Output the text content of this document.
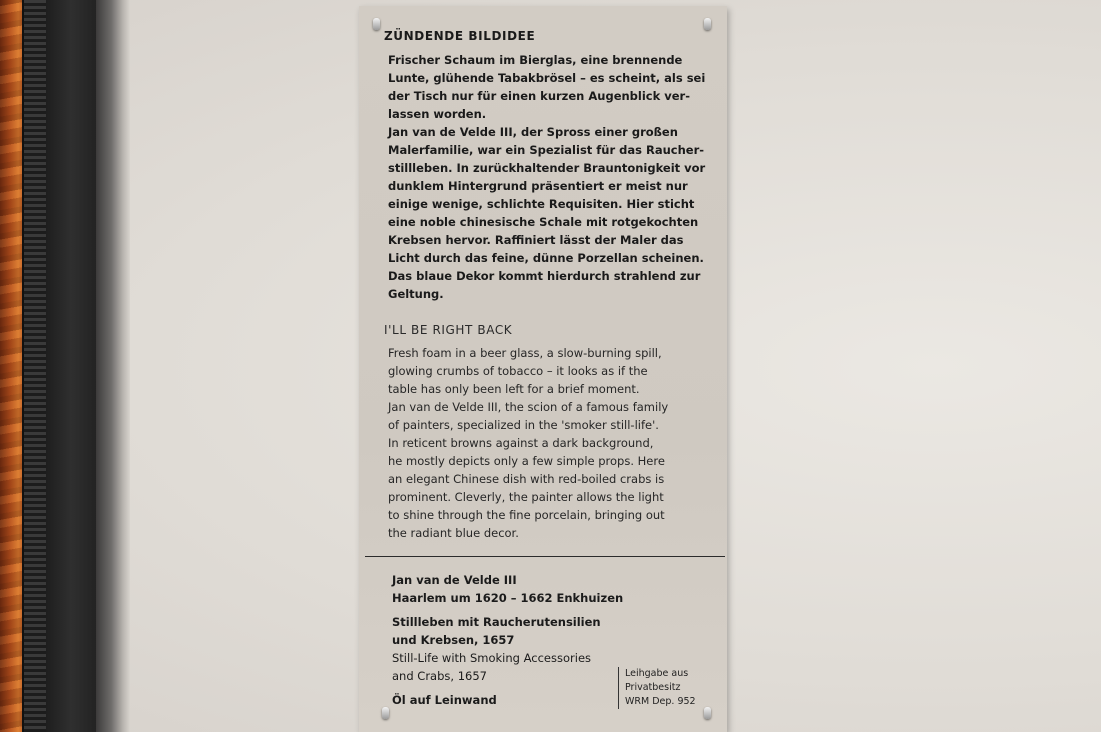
ZÜNDENDE BILDIDEE

Frischer Schaum im Bierglas, eine brennende
Lunte, glühende Tabakbrösel – es scheint, als sei
der Tisch nur für einen kurzen Augenblick ver-
lassen worden.
Jan van de Velde III, der Spross einer großen
Malerfamilie, war ein Spezialist für das Raucher-
stillleben. In zurückhaltender Brauntonigkeit vor
dunklem Hintergrund präsentiert er meist nur
einige wenige, schlichte Requisiten. Hier sticht
eine noble chinesische Schale mit rotgekochten
Krebsen hervor. Raffiniert lässt der Maler das
Licht durch das feine, dünne Porzellan scheinen.
Das blaue Dekor kommt hierdurch strahlend zur
Geltung.

I'LL BE RIGHT BACK

Fresh foam in a beer glass, a slow-burning spill,
glowing crumbs of tobacco – it looks as if the
table has only been left for a brief moment.
Jan van de Velde III, the scion of a famous family
of painters, specialized in the 'smoker still-life'.
In reticent browns against a dark background,
he mostly depicts only a few simple props. Here
an elegant Chinese dish with red-boiled crabs is
prominent. Cleverly, the painter allows the light
to shine through the fine porcelain, bringing out
the radiant blue decor.

Jan van de Velde III
Haarlem um 1620 – 1662 Enkhuizen
Stillleben mit Raucherutensilien
und Krebsen, 1657
Still-Life with Smoking Accessories
and Crabs, 1657
Öl auf Leinwand
Leihgabe aus
Privatbesitz
WRM Dep. 952
